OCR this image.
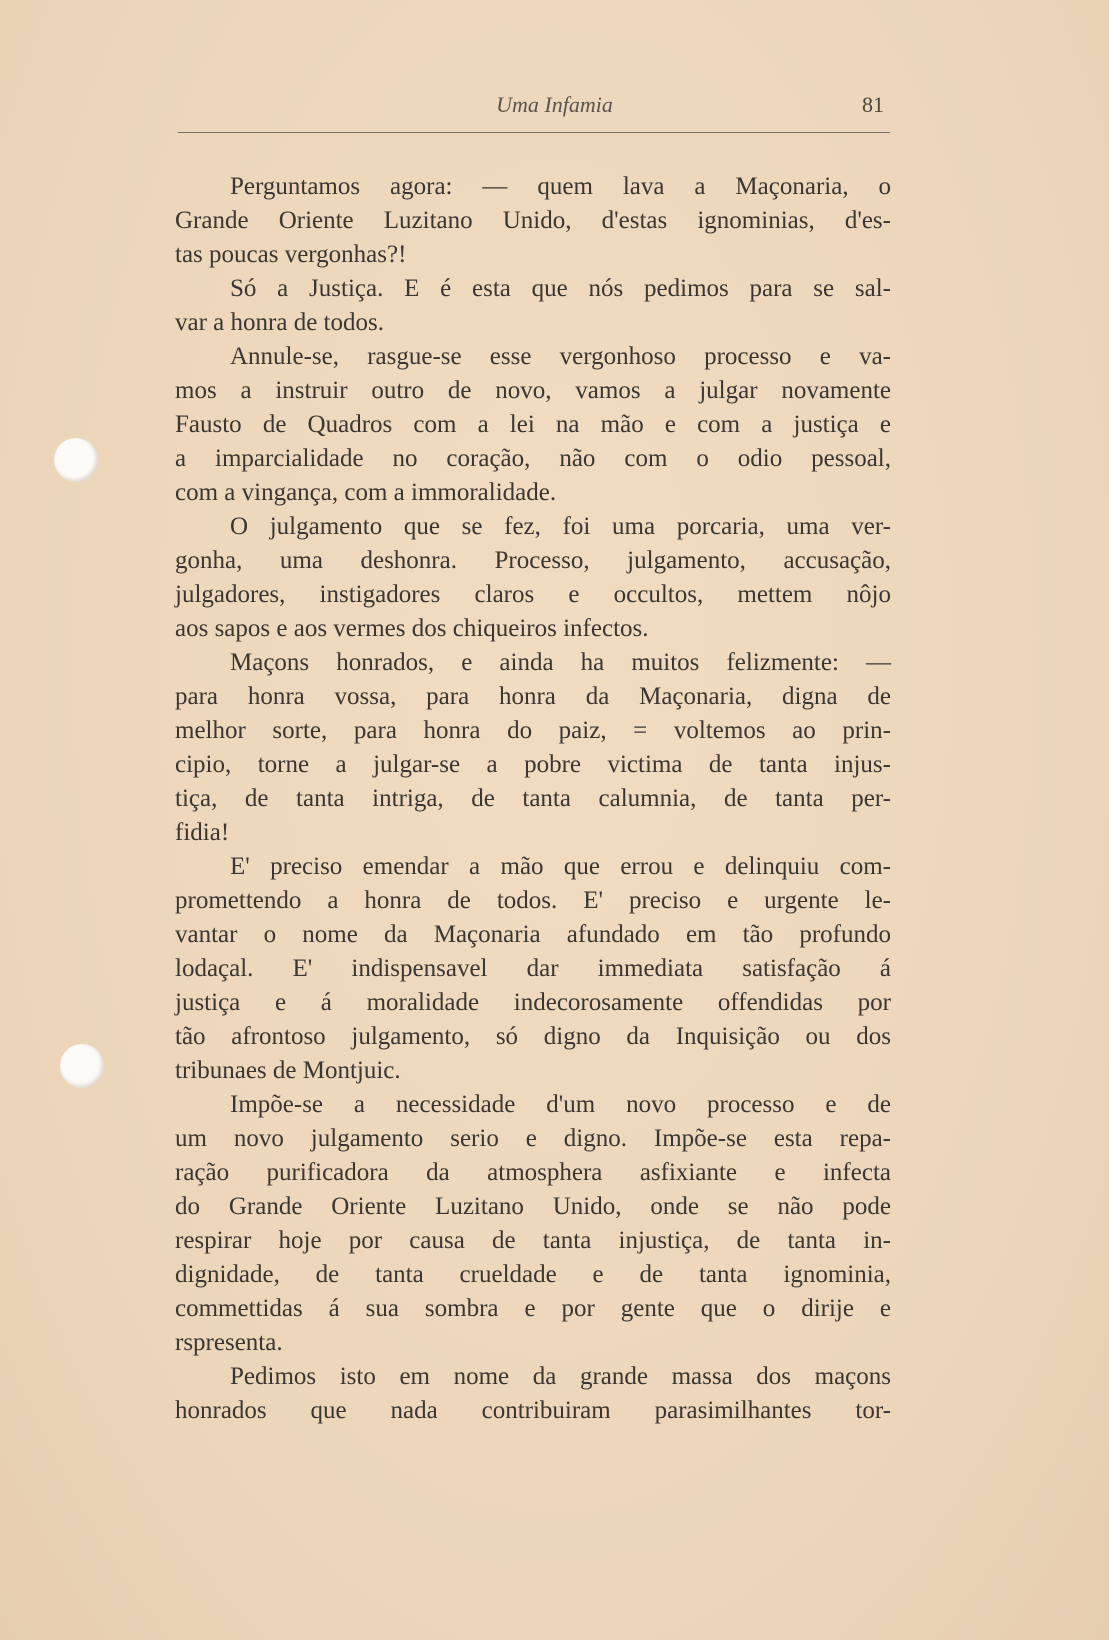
Uma Infamia	81
Perguntamos agora: — quem lava a Maçonaria, o
Grande Oriente Luzitano Unido, d'estas ignominias, d'es-
tas poucas vergonhas?!
Só a Justiça. E é esta que nós pedimos para se sal-
var a honra de todos.
Annule-se, rasgue-se esse vergonhoso processo e va-
mos a instruir outro de novo, vamos a julgar novamente
Fausto de Quadros com a lei na mão e com a justiça e
a imparcialidade no coração, não com o odio pessoal,
com a vingança, com a immoralidade.
O julgamento que se fez, foi uma porcaria, uma ver-
gonha, uma deshonra. Processo, julgamento, accusação,
julgadores, instigadores claros e occultos, mettem nôjo
aos sapos e aos vermes dos chiqueiros infectos.
Maçons honrados, e ainda ha muitos felizmente: —
para honra vossa, para honra da Maçonaria, digna de
melhor sorte, para honra do paiz, = voltemos ao prin-
cipio, torne a julgar-se a pobre victima de tanta injus-
tiça, de tanta intriga, de tanta calumnia, de tanta per-
fidia!
E' preciso emendar a mão que errou e delinquiu com-
promettendo a honra de todos. E' preciso e urgente le-
vantar o nome da Maçonaria afundado em tão profundo
lodaçal. E' indispensavel dar immediata satisfação á
justiça e á moralidade indecorosamente offendidas por
tão afrontoso julgamento, só digno da Inquisição ou dos
tribunaes de Montjuic.
Impõe-se a necessidade d'um novo processo e de
um novo julgamento serio e digno. Impõe-se esta repa-
ração purificadora da atmosphera asfixiante e infecta
do Grande Oriente Luzitano Unido, onde se não pode
respirar hoje por causa de tanta injustiça, de tanta in-
dignidade, de tanta crueldade e de tanta ignominia,
commettidas á sua sombra e por gente que o dirije e
rspresenta.
Pedimos isto em nome da grande massa dos maçons
honrados que nada contribuiram parasimilhantes tor-
